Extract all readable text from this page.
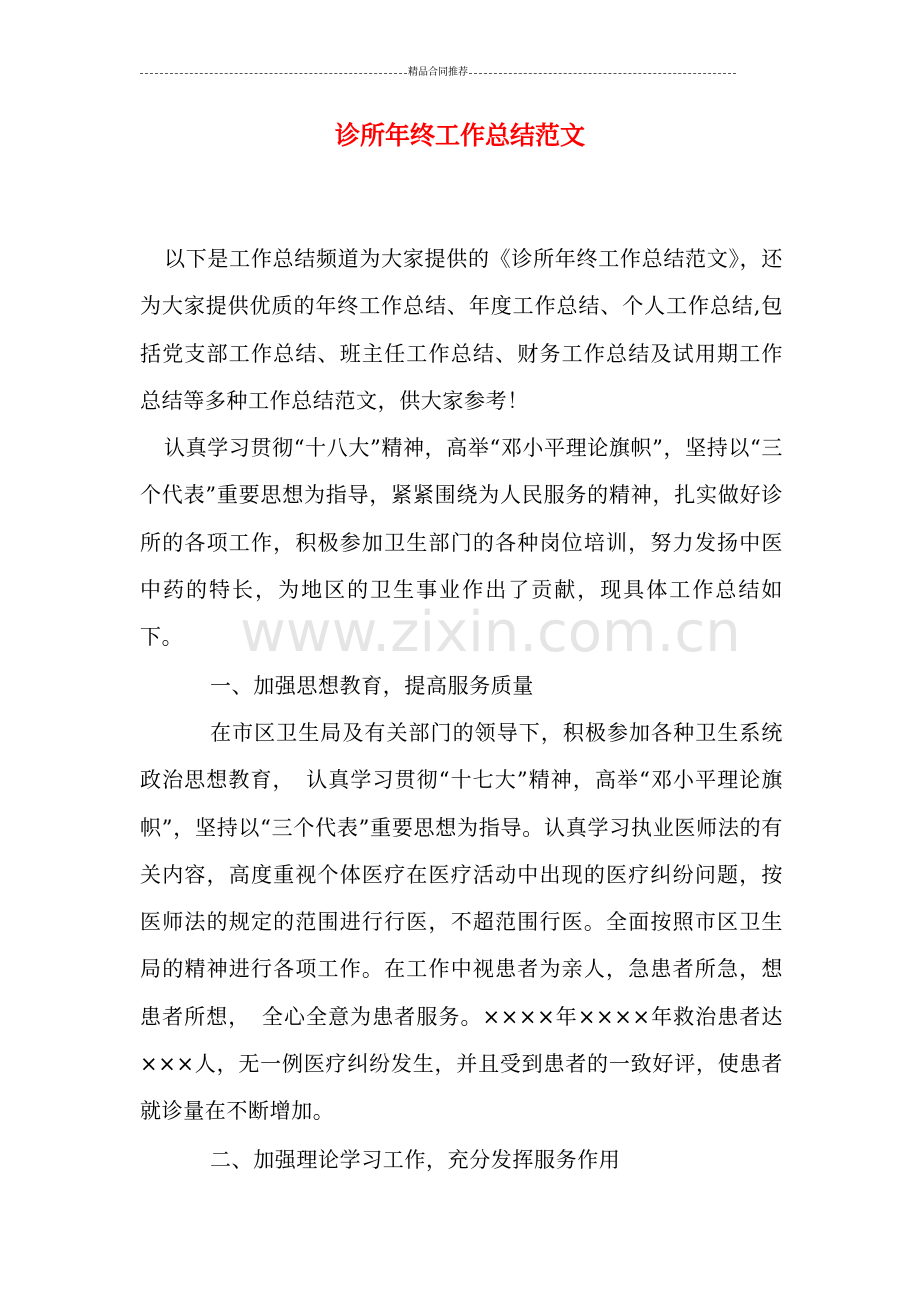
精品合同推荐
诊所年终工作总结范文

以下是工作总结频道为大家提供的《诊所年终工作总结范文》，还为大家提供优质的年终工作总结、年度工作总结、个人工作总结,包括党支部工作总结、班主任工作总结、财务工作总结及试用期工作总结等多种工作总结范文，供大家参考！

认真学习贯彻“十八大”精神，高举“邓小平理论旗帜”，坚持以“三个代表”重要思想为指导，紧紧围绕为人民服务的精神，扎实做好诊所的各项工作，积极参加卫生部门的各种岗位培训，努力发扬中医中药的特长，为地区的卫生事业作出了贡献，现具体工作总结如下。

一、加强思想教育，提高服务质量

在市区卫生局及有关部门的领导下，积极参加各种卫生系统政治思想教育，　认真学习贯彻“十七大”精神，高举“邓小平理论旗帜”，坚持以“三个代表”重要思想为指导。认真学习执业医师法的有关内容，高度重视个体医疗在医疗活动中出现的医疗纠纷问题，按医师法的规定的范围进行行医，不超范围行医。全面按照市区卫生局的精神进行各项工作。在工作中视患者为亲人，急患者所急，想患者所想，　全心全意为患者服务。××××年××××年救治患者达×××人，无一例医疗纠纷发生，并且受到患者的一致好评，使患者就诊量在不断增加。

二、加强理论学习工作，充分发挥服务作用

www.zixin.com.cn
